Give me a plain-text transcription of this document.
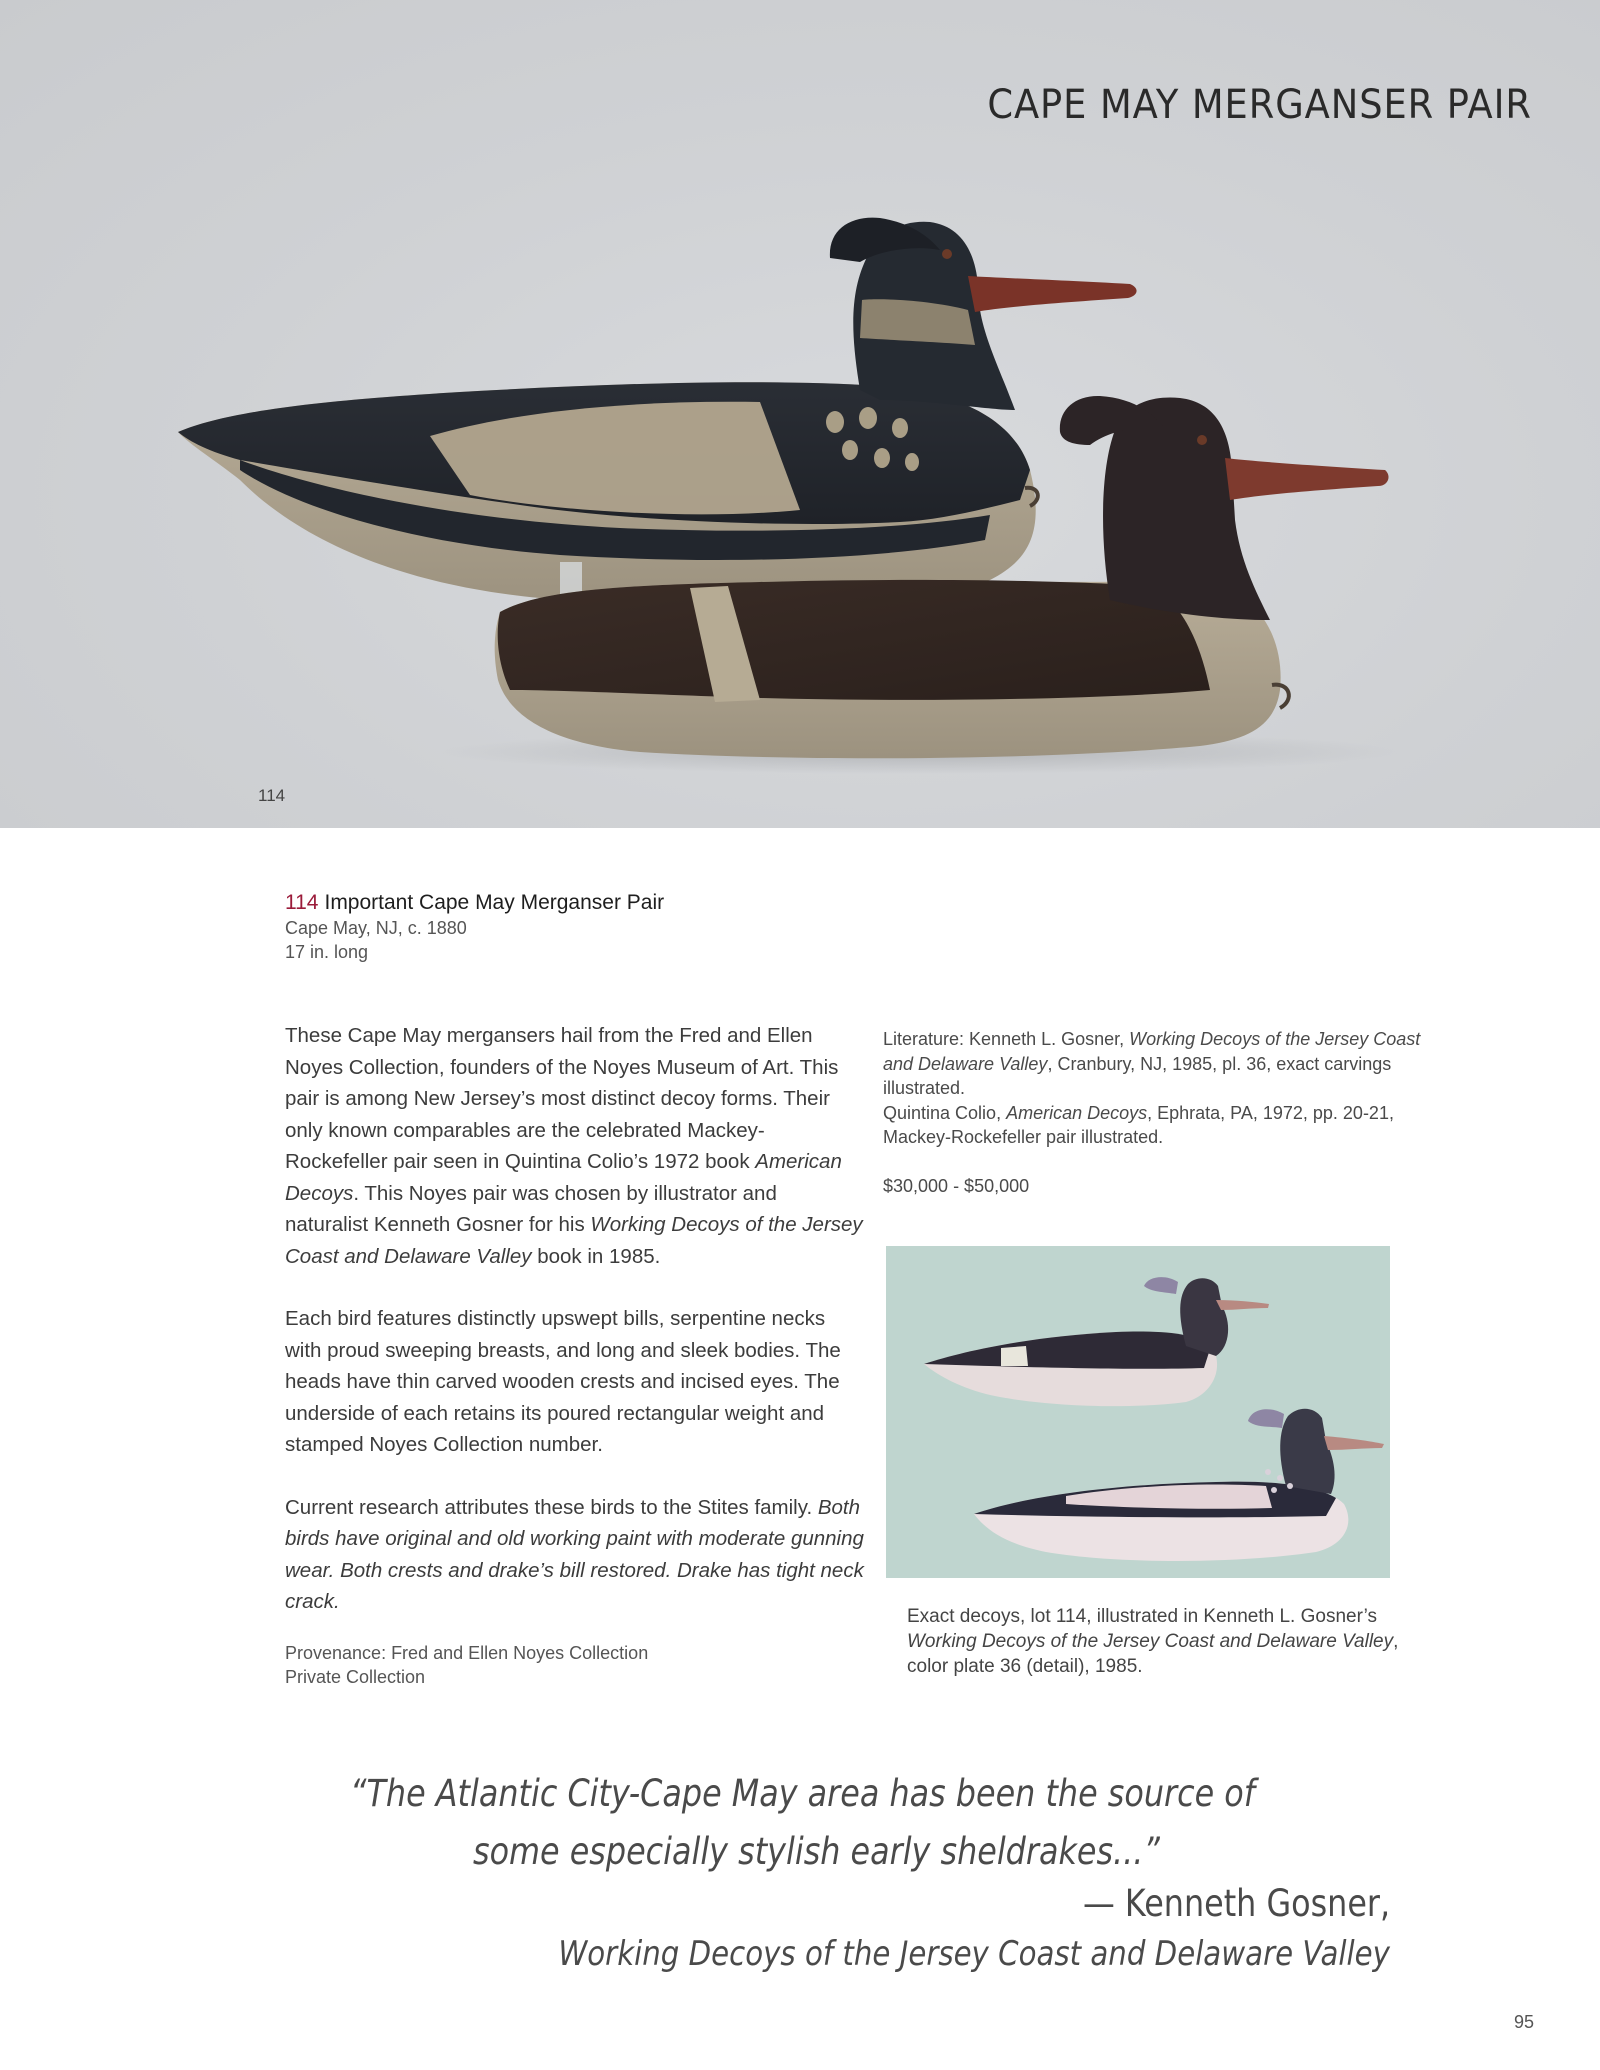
CAPE MAY MERGANSER PAIR
114
114 Important Cape May Merganser Pair
Cape May, NJ, c. 1880
17 in. long

These Cape May mergansers hail from the Fred and Ellen Noyes Collection, founders of the Noyes Museum of Art. This pair is among New Jersey’s most distinct decoy forms. Their only known comparables are the celebrated Mackey-Rockefeller pair seen in Quintina Colio’s 1972 book American Decoys. This Noyes pair was chosen by illustrator and naturalist Kenneth Gosner for his Working Decoys of the Jersey Coast and Delaware Valley book in 1985.

Each bird features distinctly upswept bills, serpentine necks with proud sweeping breasts, and long and sleek bodies. The heads have thin carved wooden crests and incised eyes. The underside of each retains its poured rectangular weight and stamped Noyes Collection number.

Current research attributes these birds to the Stites family. Both birds have original and old working paint with moderate gunning wear. Both crests and drake’s bill restored. Drake has tight neck crack.

Provenance: Fred and Ellen Noyes Collection
Private Collection

Literature: Kenneth L. Gosner, Working Decoys of the Jersey Coast and Delaware Valley, Cranbury, NJ, 1985, pl. 36, exact carvings illustrated.

Quintina Colio, American Decoys, Ephrata, PA, 1972, pp. 20-21, Mackey-Rockefeller pair illustrated.

$30,000 - $50,000

Exact decoys, lot 114, illustrated in Kenneth L. Gosner’s Working Decoys of the Jersey Coast and Delaware Valley, color plate 36 (detail), 1985.
“The Atlantic City-Cape May area has been the source of
some especially stylish early sheldrakes...”
— Kenneth Gosner,
Working Decoys of the Jersey Coast and Delaware Valley
95
